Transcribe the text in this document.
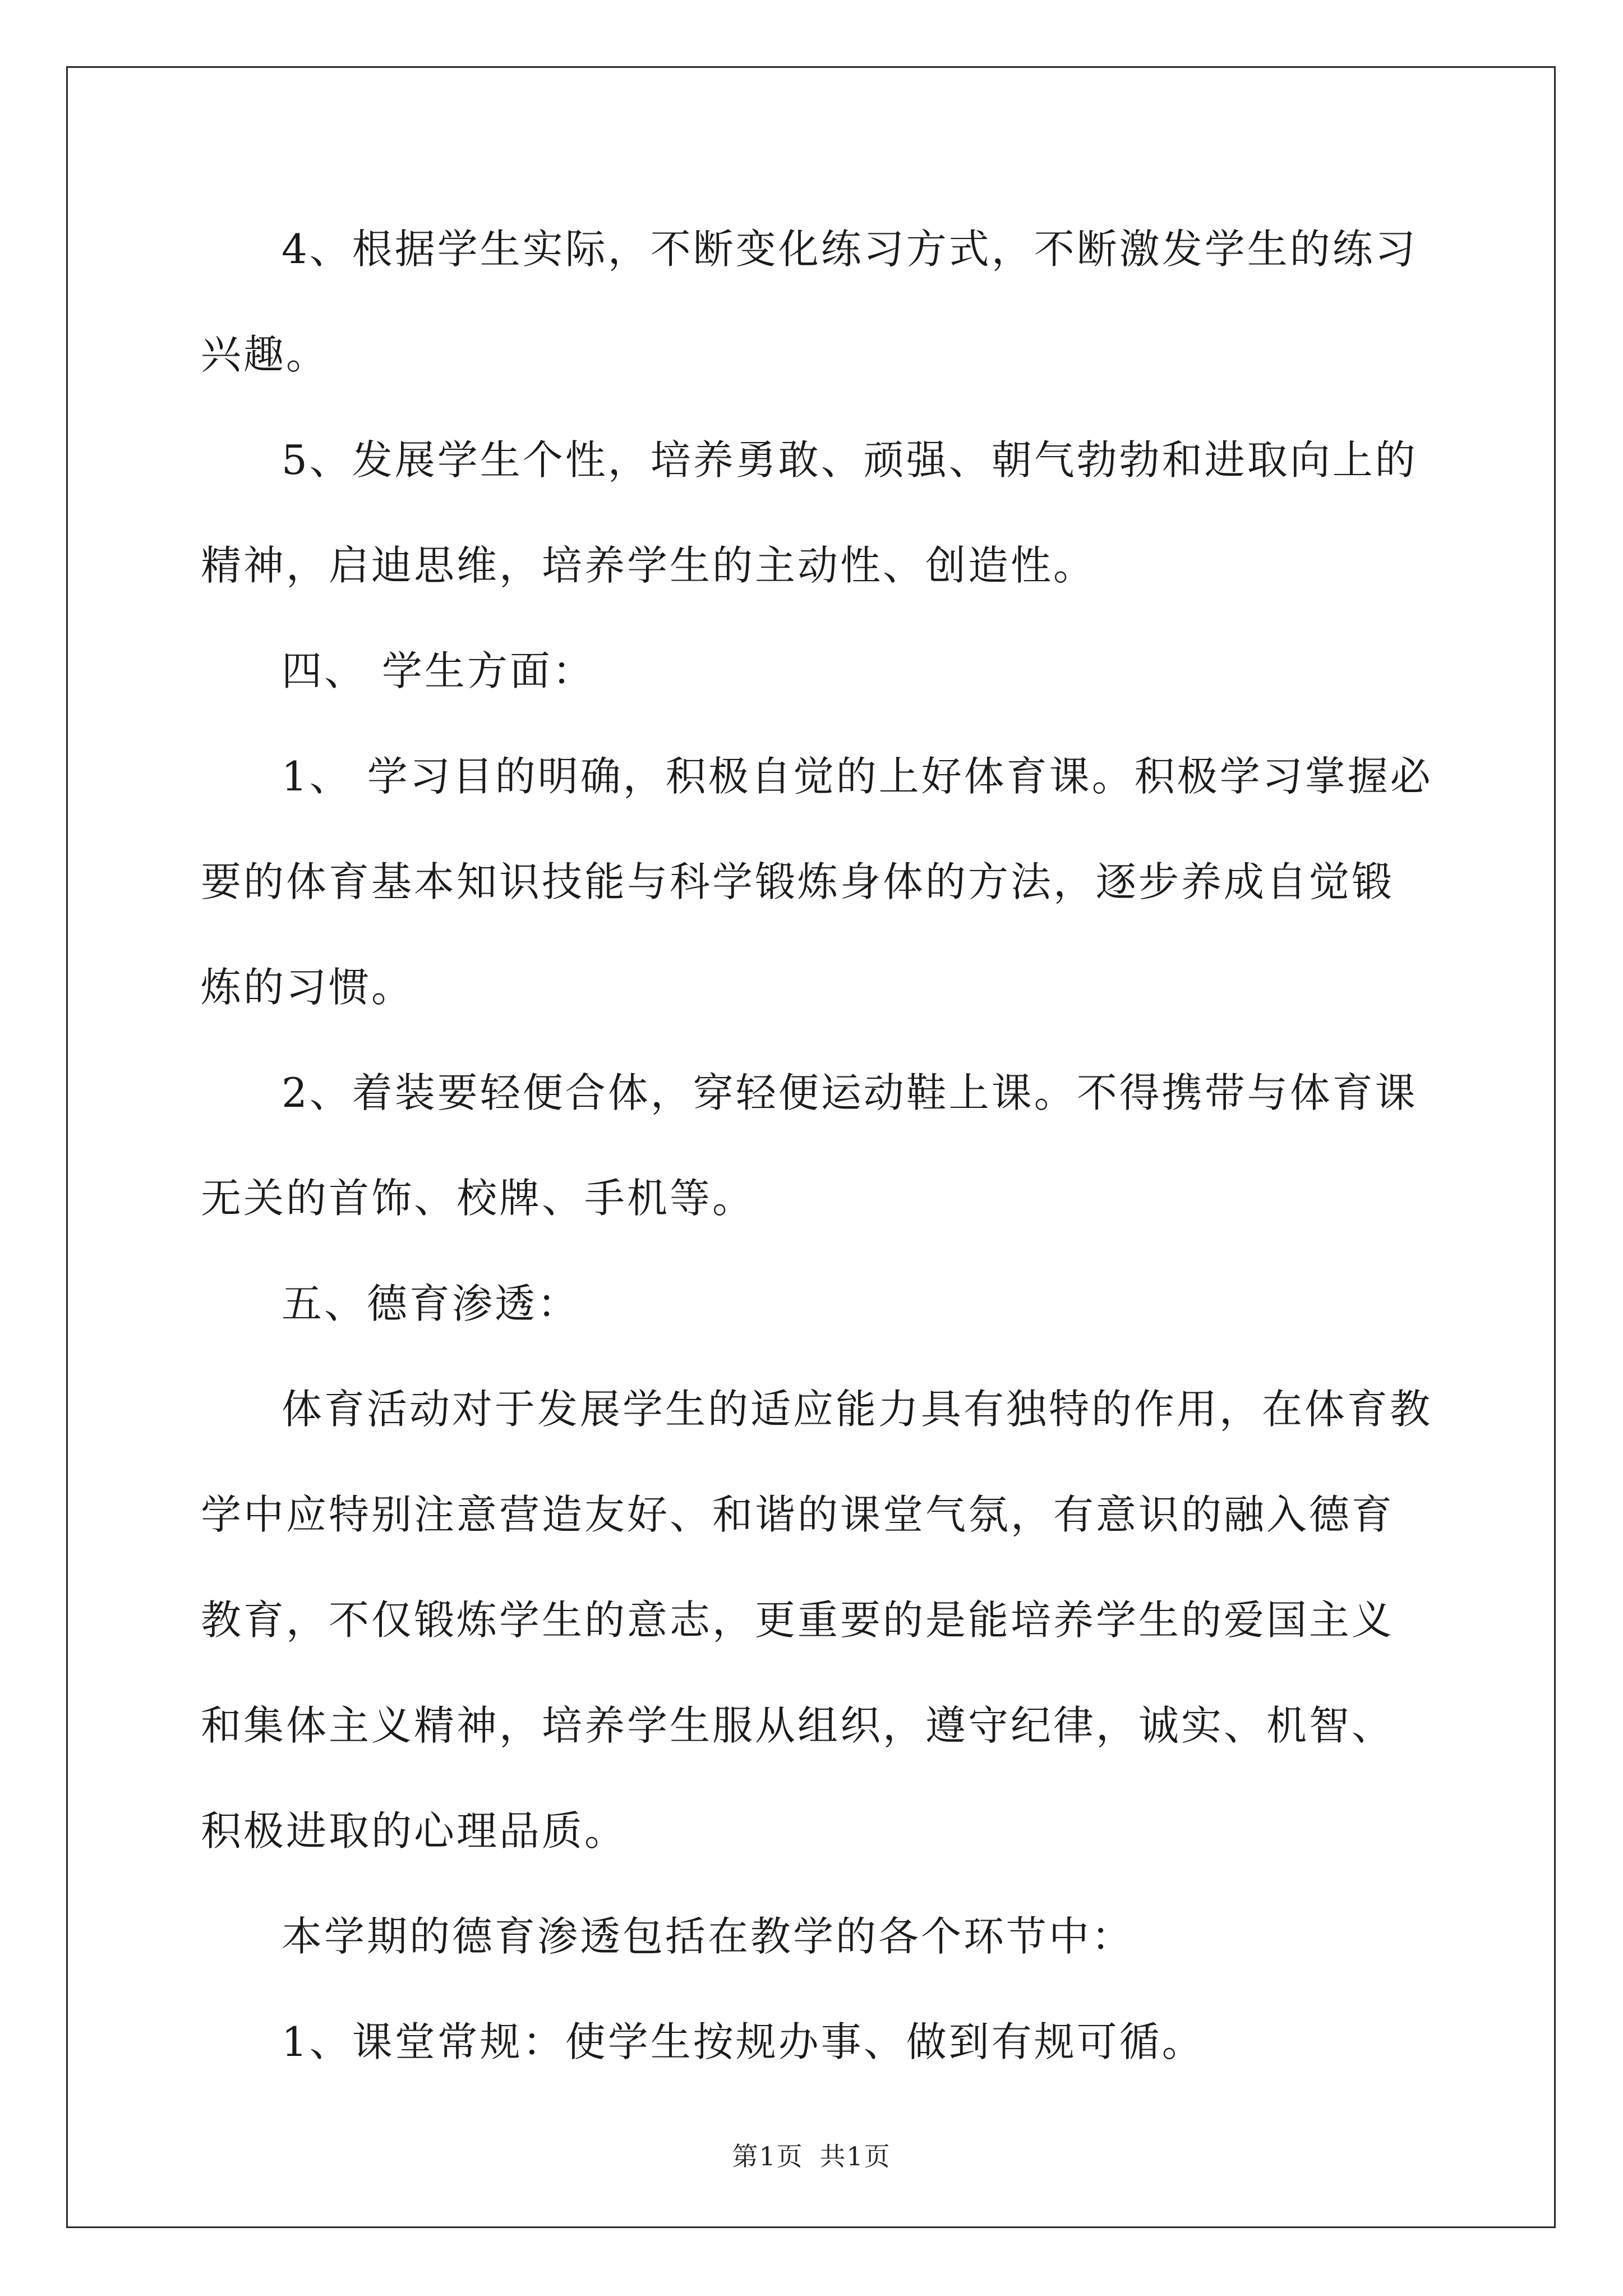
4、根据学生实际，不断变化练习方式，不断激发学生的练习兴趣。

5、发展学生个性，培养勇敢、顽强、朝气勃勃和进取向上的精神，启迪思维，培养学生的主动性、创造性。

四、 学生方面：

1、 学习目的明确，积极自觉的上好体育课。积极学习掌握必要的体育基本知识技能与科学锻炼身体的方法，逐步养成自觉锻炼的习惯。

2、着装要轻便合体，穿轻便运动鞋上课。不得携带与体育课无关的首饰、校牌、手机等。

五、德育渗透：

体育活动对于发展学生的适应能力具有独特的作用，在体育教学中应特别注意营造友好、和谐的课堂气氛，有意识的融入德育教育，不仅锻炼学生的意志，更重要的是能培养学生的爱国主义和集体主义精神，培养学生服从组织，遵守纪律，诚实、机智、积极进取的心理品质。

本学期的德育渗透包括在教学的各个环节中：

1、课堂常规：使学生按规办事、做到有规可循。

第1页 共1页
